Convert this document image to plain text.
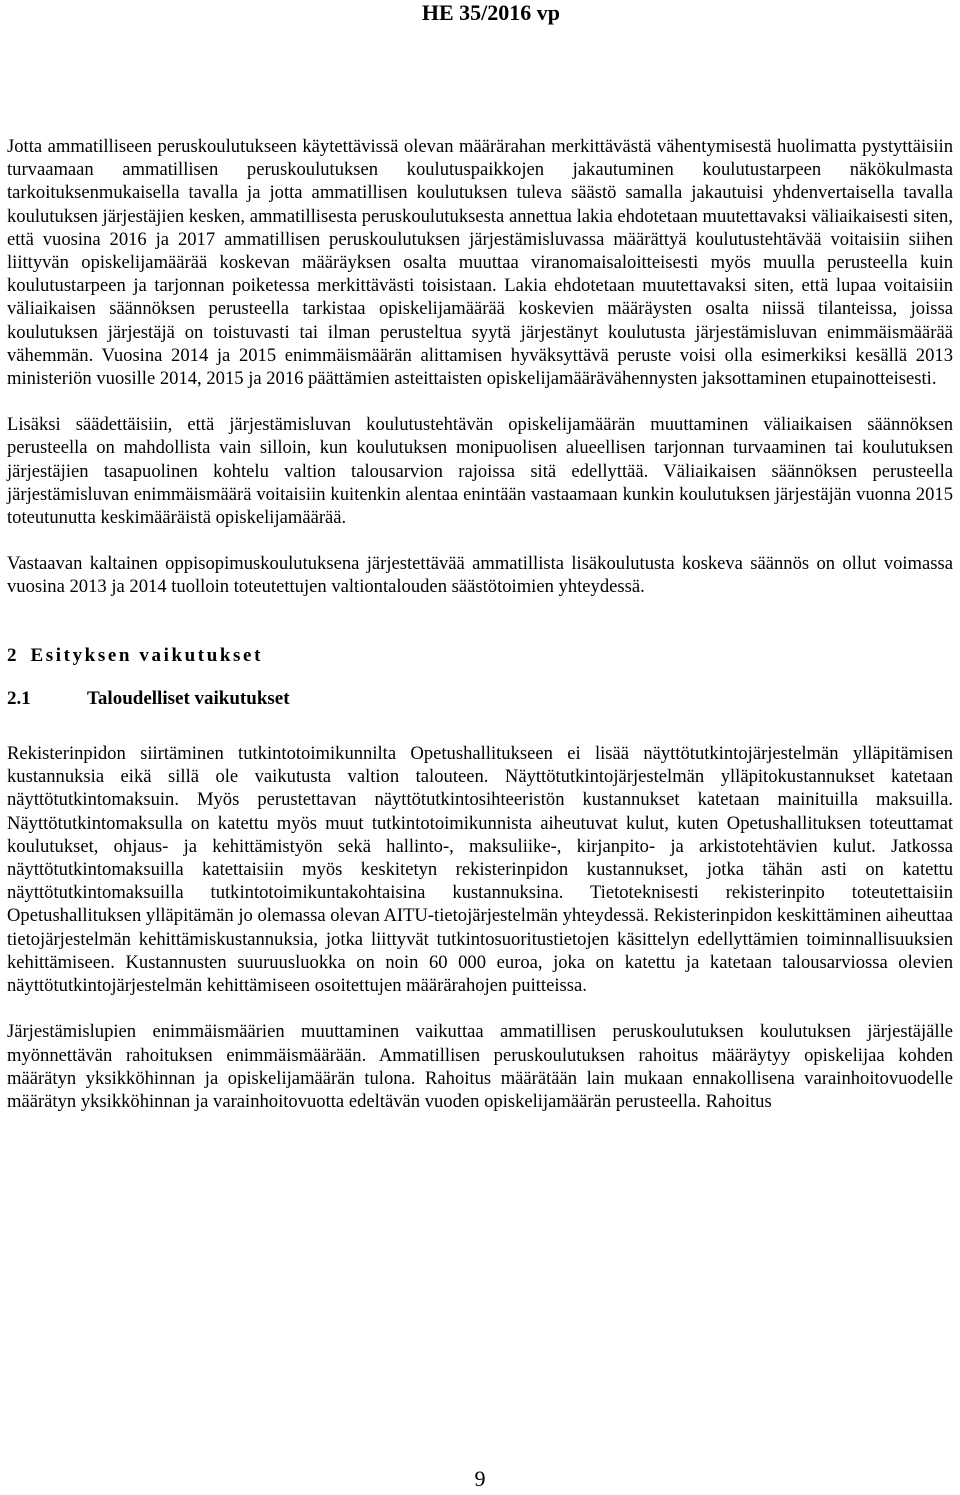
HE 35/2016 vp

Jotta ammatilliseen peruskoulutukseen käytettävissä olevan määrärahan merkittävästä vähentymisestä huolimatta pystyttäisiin turvaamaan ammatillisen peruskoulutuksen koulutuspaikkojen jakautuminen koulutustarpeen näkökulmasta tarkoituksenmukaisella tavalla ja jotta ammatillisen koulutuksen tuleva säästö samalla jakautuisi yhdenvertaisella tavalla koulutuksen järjestäjien kesken, ammatillisesta peruskoulutuksesta annettua lakia ehdotetaan muutettavaksi väliaikaisesti siten, että vuosina 2016 ja 2017 ammatillisen peruskoulutuksen järjestämisluvassa määrättyä koulutustehtävää voitaisiin siihen liittyvän opiskelijamäärää koskevan määräyksen osalta muuttaa viranomaisaloitteisesti myös muulla perusteella kuin koulutustarpeen ja tarjonnan poiketessa merkittävästi toisistaan. Lakia ehdotetaan muutettavaksi siten, että lupaa voitaisiin väliaikaisen säännöksen perusteella tarkistaa opiskelijamäärää koskevien määräysten osalta niissä tilanteissa, joissa koulutuksen järjestäjä on toistuvasti tai ilman perusteltua syytä järjestänyt koulutusta järjestämisluvan enimmäismäärää vähemmän. Vuosina 2014 ja 2015 enimmäismäärän alittamisen hyväksyttävä peruste voisi olla esimerkiksi kesällä 2013 ministeriön vuosille 2014, 2015 ja 2016 päättämien asteittaisten opiskelijamäärävähennysten jaksottaminen etupainotteisesti.

Lisäksi säädettäisiin, että järjestämisluvan koulutustehtävän opiskelijamäärän muuttaminen väliaikaisen säännöksen perusteella on mahdollista vain silloin, kun koulutuksen monipuolisen alueellisen tarjonnan turvaaminen tai koulutuksen järjestäjien tasapuolinen kohtelu valtion talousarvion rajoissa sitä edellyttää. Väliaikaisen säännöksen perusteella järjestämisluvan enimmäismäärä voitaisiin kuitenkin alentaa enintään vastaamaan kunkin koulutuksen järjestäjän vuonna 2015 toteutunutta keskimääräistä opiskelijamäärää.

Vastaavan kaltainen oppisopimuskoulutuksena järjestettävää ammatillista lisäkoulutusta koskeva säännös on ollut voimassa vuosina 2013 ja 2014 tuolloin toteutettujen valtiontalouden säästötoimien yhteydessä.

2 Esityksen vaikutukset
2.1	Taloudelliset vaikutukset

Rekisterinpidon siirtäminen tutkintotoimikunnilta Opetushallitukseen ei lisää näyttötutkintojärjestelmän ylläpitämisen kustannuksia eikä sillä ole vaikutusta valtion talouteen. Näyttötutkintojärjestelmän ylläpitokustannukset katetaan näyttötutkintomaksuin. Myös perustettavan näyttötutkintosihteeristön kustannukset katetaan mainituilla maksuilla. Näyttötutkintomaksulla on katettu myös muut tutkintotoimikunnista aiheutuvat kulut, kuten Opetushallituksen toteuttamat koulutukset, ohjaus- ja kehittämistyön sekä hallinto-, maksuliike-, kirjanpito- ja arkistotehtävien kulut. Jatkossa näyttötutkintomaksuilla katettaisiin myös keskitetyn rekisterinpidon kustannukset, jotka tähän asti on katettu näyttötutkintomaksuilla tutkintotoimikuntakohtaisina kustannuksina. Tietoteknisesti rekisterinpito toteutettaisiin Opetushallituksen ylläpitämän jo olemassa olevan AITU-tietojärjestelmän yhteydessä. Rekisterinpidon keskittäminen aiheuttaa tietojärjestelmän kehittämiskustannuksia, jotka liittyvät tutkintosuoritustietojen käsittelyn edellyttämien toiminnallisuuksien kehittämiseen. Kustannusten suuruusluokka on noin 60 000 euroa, joka on katettu ja katetaan talousarviossa olevien näyttötutkintojärjestelmän kehittämiseen osoitettujen määrärahojen puitteissa.

Järjestämislupien enimmäismäärien muuttaminen vaikuttaa ammatillisen peruskoulutuksen koulutuksen järjestäjälle myönnettävän rahoituksen enimmäismäärään. Ammatillisen peruskoulutuksen rahoitus määräytyy opiskelijaa kohden määrätyn yksikköhinnan ja opiskelijamäärän tulona. Rahoitus määrätään lain mukaan ennakollisena varainhoitovuodelle määrätyn yksikköhinnan ja varainhoitovuotta edeltävän vuoden opiskelijamäärän perusteella. Rahoitus

9
